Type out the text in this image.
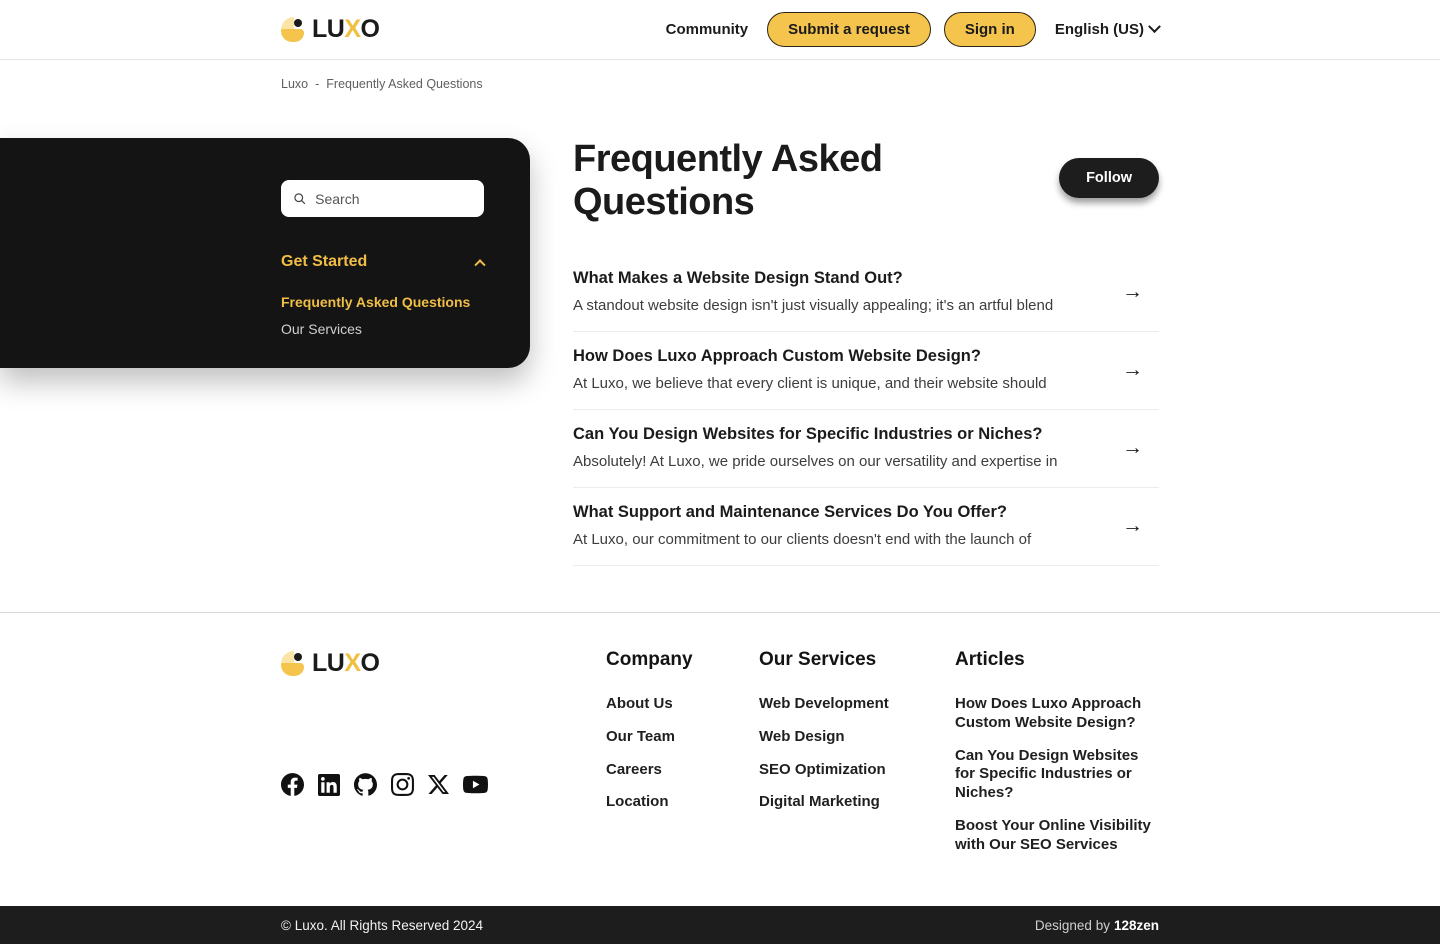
LUXO	Community	Submit a request	Sign in	English (US)
Luxo - Frequently Asked Questions
Search
Get Started
Frequently Asked Questions
Our Services
Frequently Asked Questions
Follow
What Makes a Website Design Stand Out?
A standout website design isn't just visually appealing; it's an artful blend
→
How Does Luxo Approach Custom Website Design?
At Luxo, we believe that every client is unique, and their website should
→
Can You Design Websites for Specific Industries or Niches?
Absolutely! At Luxo, we pride ourselves on our versatility and expertise in
→
What Support and Maintenance Services Do You Offer?
At Luxo, our commitment to our clients doesn't end with the launch of
→
LUXO	Company
About Us
Our Team
Careers
Location
Our Services
Web Development
Web Design
SEO Optimization
Digital Marketing
Articles
How Does Luxo Approach Custom Website Design?
Can You Design Websites for Specific Industries or Niches?
Boost Your Online Visibility with Our SEO Services
© Luxo. All Rights Reserved 2024	Designed by 128zen
